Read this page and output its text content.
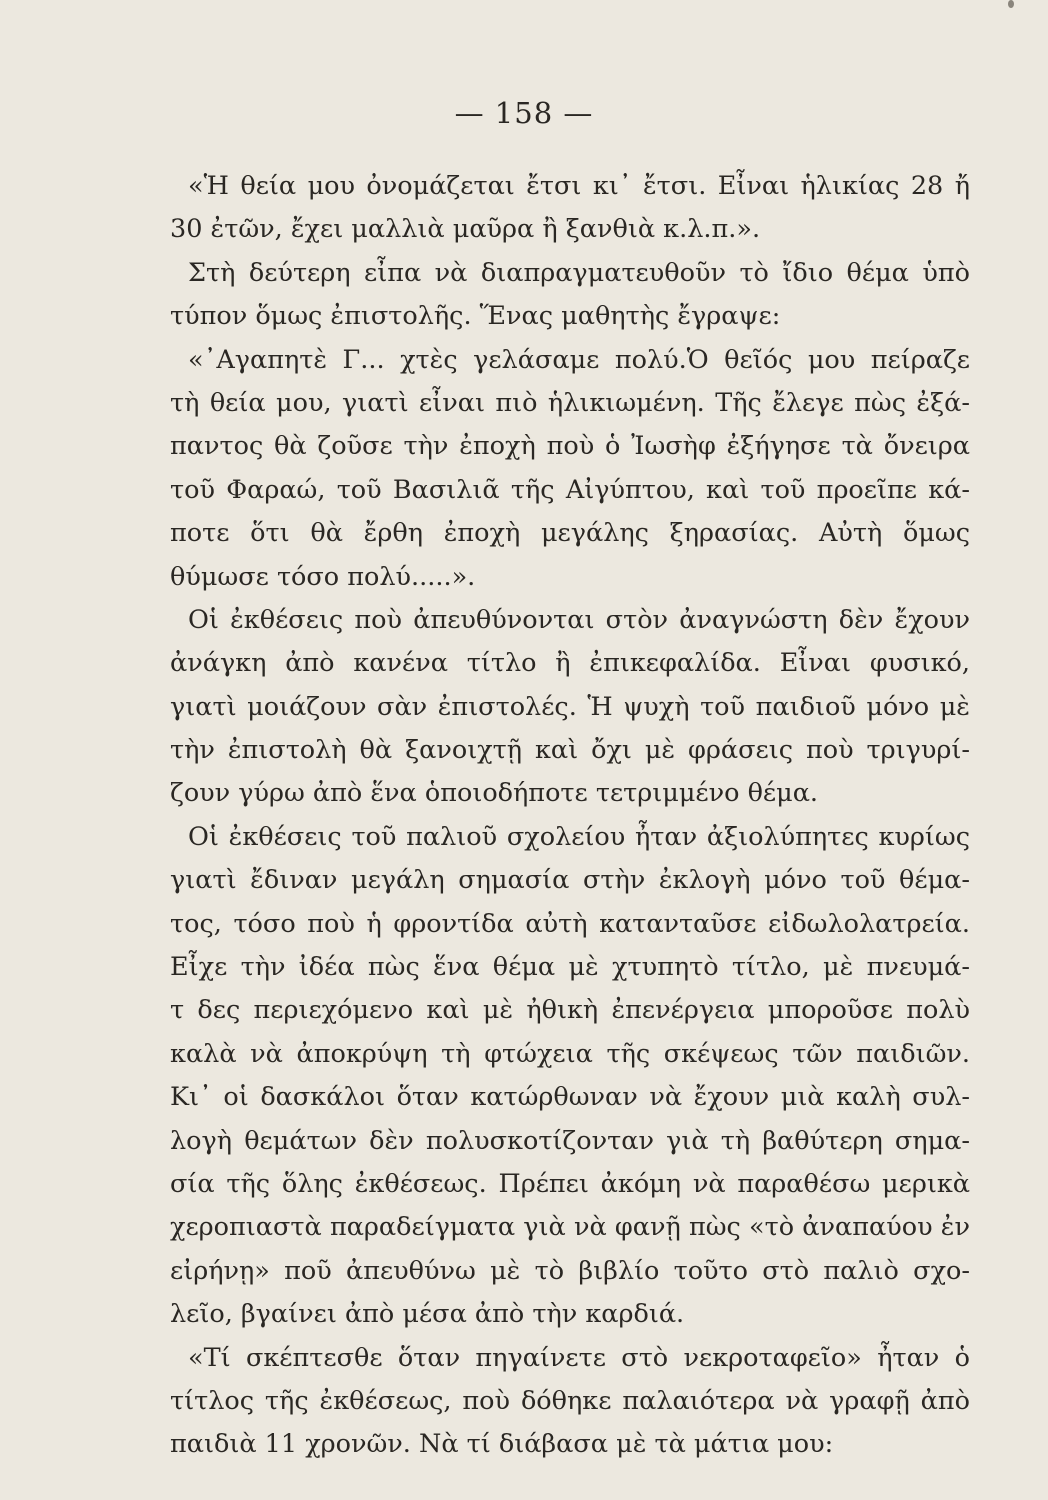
— 158 —
«Ἡ θεία μου ὀνομάζεται ἔτσι κι᾿ ἔτσι. Εἶναι ἡλικίας 28 ἤ
30 ἐτῶν, ἔχει μαλλιὰ μαῦρα ἢ ξανθιὰ κ.λ.π.».
Στὴ δεύτερη εἶπα νὰ διαπραγματευθοῦν τὸ ἴδιο θέμα ὑπὸ
τύπον ὅμως ἐπιστολῆς. Ἕνας μαθητὴς ἔγραψε:
«᾿Αγαπητὲ Γ... χτὲς γελάσαμε πολύ.Ὁ θεῖός μου πείραζε
τὴ θεία μου, γιατὶ εἶναι πιὸ ἡλικιωμένη. Τῆς ἔλεγε πὼς ἐξά-
παντος θὰ ζοῦσε τὴν ἐποχὴ ποὺ ὁ Ἰωσὴφ ἐξήγησε τὰ ὄνειρα
τοῦ Φαραώ, τοῦ Βασιλιᾶ τῆς Αἰγύπτου, καὶ τοῦ προεῖπε κά-
ποτε ὅτι θὰ ἔρθη ἐποχὴ μεγάλης ξηρασίας. Αὐτὴ ὅμως
θύμωσε τόσο πολύ.....».
Οἱ ἐκθέσεις ποὺ ἀπευθύνονται στὸν ἀναγνώστη δὲν ἔχουν
ἀνάγκη ἀπὸ κανένα τίτλο ἢ ἐπικεφαλίδα. Εἶναι φυσικό,
γιατὶ μοιάζουν σὰν ἐπιστολές. Ἡ ψυχὴ τοῦ παιδιοῦ μόνο μὲ
τὴν ἐπιστολὴ θὰ ξανοιχτῇ καὶ ὄχι μὲ φράσεις ποὺ τριγυρί-
ζουν γύρω ἀπὸ ἕνα ὁποιοδήποτε τετριμμένο θέμα.
Οἱ ἐκθέσεις τοῦ παλιοῦ σχολείου ἦταν ἀξιολύπητες κυρίως
γιατὶ ἔδιναν μεγάλη σημασία στὴν ἐκλογὴ μόνο τοῦ θέμα-
τος, τόσο ποὺ ἡ φροντίδα αὐτὴ κατανταῦσε εἰδωλολατρεία.
Εἶχε τὴν ἰδέα πὼς ἕνα θέμα μὲ χτυπητὸ τίτλο, μὲ πνευμά-
τ δες περιεχόμενο καὶ μὲ ἠθικὴ ἐπενέργεια μποροῦσε πολὺ
καλὰ νὰ ἀποκρύψη τὴ φτώχεια τῆς σκέψεως τῶν παιδιῶν.
Κι᾿ οἱ δασκάλοι ὅταν κατώρθωναν νὰ ἔχουν μιὰ καλὴ συλ-
λογὴ θεμάτων δὲν πολυσκοτίζονταν γιὰ τὴ βαθύτερη σημα-
σία τῆς ὅλης ἐκθέσεως. Πρέπει ἀκόμη νὰ παραθέσω μερικὰ
χεροπιαστὰ παραδείγματα γιὰ νὰ φανῇ πὼς «τὸ ἀναπαύου ἐν
εἰρήνῃ» ποῦ ἀπευθύνω μὲ τὸ βιβλίο τοῦτο στὸ παλιὸ σχο-
λεῖο, βγαίνει ἀπὸ μέσα ἀπὸ τὴν καρδιά.
«Τί σκέπτεσθε ὅταν πηγαίνετε στὸ νεκροταφεῖο» ἦταν ὁ
τίτλος τῆς ἐκθέσεως, ποὺ δόθηκε παλαιότερα νὰ γραφῇ ἀπὸ
παιδιὰ 11 χρονῶν. Νὰ τί διάβασα μὲ τὰ μάτια μου:
